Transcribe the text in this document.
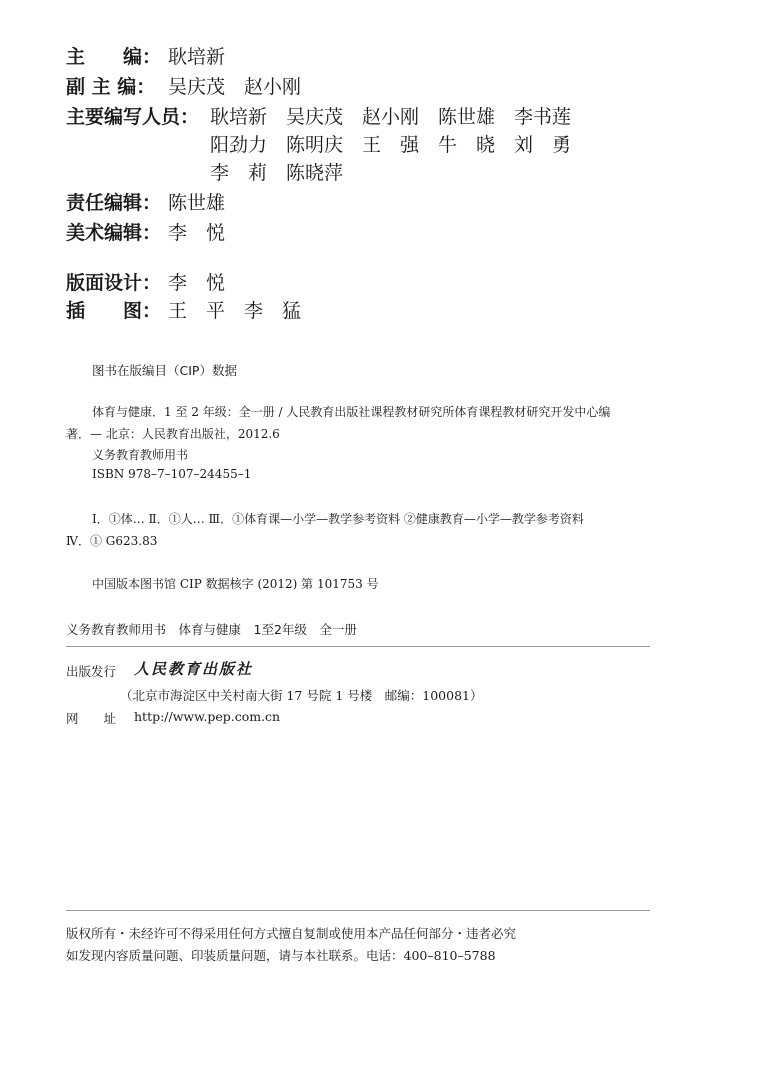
主　　编： 耿培新
副 主 编： 吴庆茂　赵小刚
主要编写人员： 耿培新　吴庆茂　赵小刚　陈世雄　李书莲
阳劲力　陈明庆　王　强　牛　晓　刘　勇
李　莉　陈晓萍
责任编辑： 陈世雄
美术编辑： 李　悦
版面设计： 李　悦
插　　图： 王　平　李　猛
图书在版编目（CIP）数据
体育与健康．1 至 2 年级：全一册 / 人民教育出版社课程教材研究所体育课程教材研究开发中心编
著．— 北京：人民教育出版社，2012.6
义务教育教师用书
ISBN 978–7–107–24455–1
Ⅰ．①体… Ⅱ．①人… Ⅲ．①体育课—小学—教学参考资料 ②健康教育—小学—教学参考资料
Ⅳ．① G623.83
中国版本图书馆 CIP 数据核字 (2012) 第 101753 号
义务教育教师用书　体育与健康　1至2年级　全一册
出版发行 人民教育出版社
（北京市海淀区中关村南大街 17 号院 1 号楼　邮编：100081）
网　　址 http://www.pep.com.cn
版权所有・未经许可不得采用任何方式擅自复制或使用本产品任何部分・违者必究
如发现内容质量问题、印装质量问题，请与本社联系。电话：400–810–5788
